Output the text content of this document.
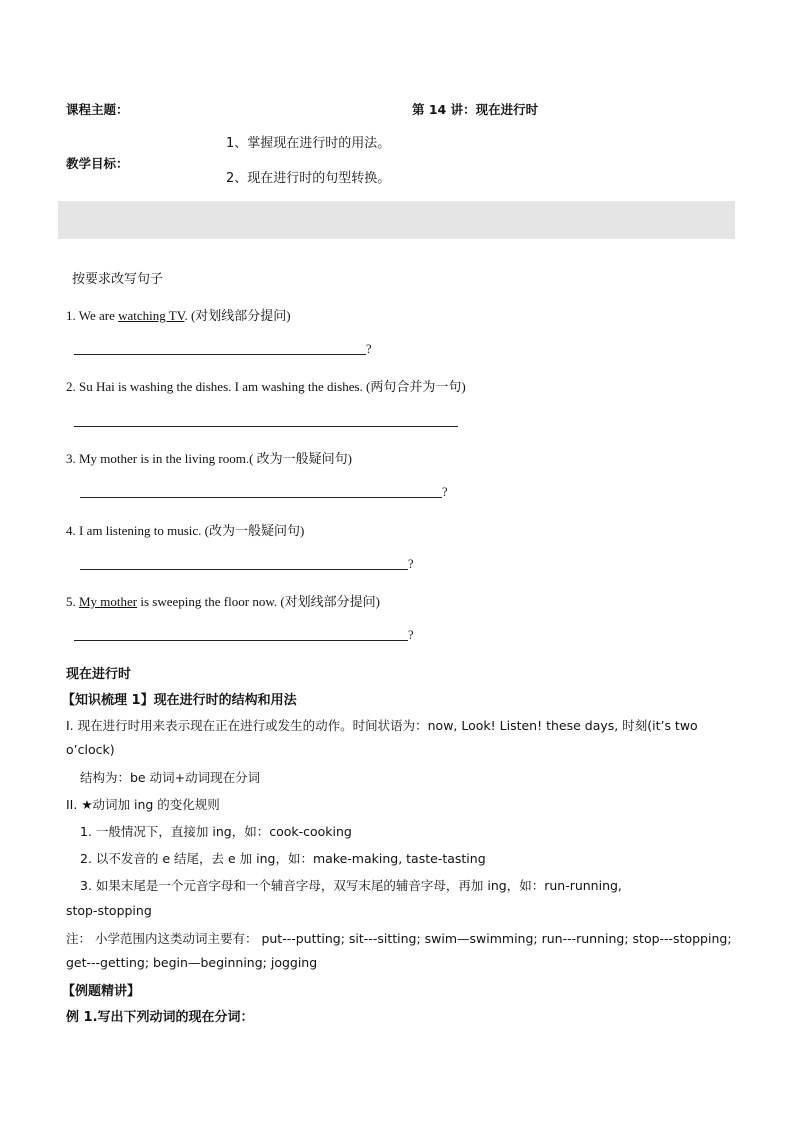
课程主题：	第 14 讲：现在进行时
1、掌握现在进行时的用法。
教学目标：
2、现在进行时的句型转换。
按要求改写句子
1. We are watching TV. (对划线部分提问)
?
2. Su Hai is washing the dishes. I am washing the dishes. (两句合并为一句)
3. My mother is in the living room.( 改为一般疑问句)
?
4. I am listening to music. (改为一般疑问句)
?
5. My mother is sweeping the floor now. (对划线部分提问)
?
现在进行时
【知识梳理 1】现在进行时的结构和用法
I. 现在进行时用来表示现在正在进行或发生的动作。时间状语为：now, Look! Listen! these days, 时刻(it’s two
o’clock)
结构为：be 动词+动词现在分词
II. ★动词加 ing 的变化规则
1. 一般情况下，直接加 ing，如：cook-cooking
2. 以不发音的 e 结尾，去 e 加 ing，如：make-making, taste-tasting
3. 如果末尾是一个元音字母和一个辅音字母，双写末尾的辅音字母，再加 ing，如：run-running,
stop-stopping
注： 小学范围内这类动词主要有： put---putting; sit---sitting; swim—swimming; run---running; stop---stopping;
get---getting; begin—beginning; jogging
【例题精讲】
例 1.写出下列动词的现在分词：
